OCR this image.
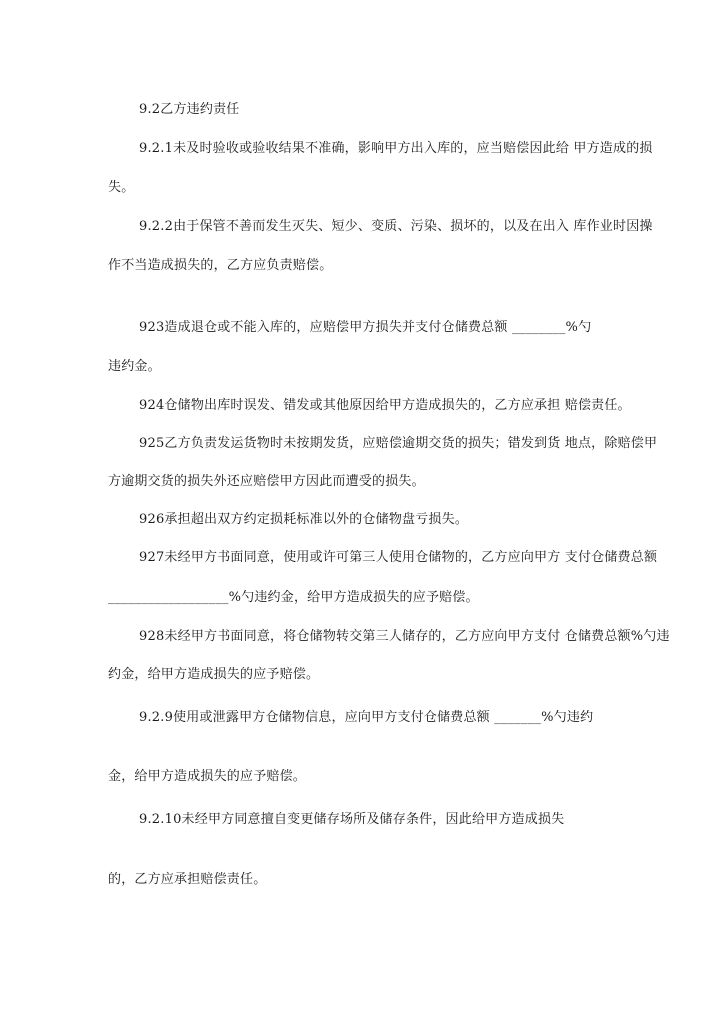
9.2乙方违约责任
9.2.1未及时验收或验收结果不准确，影响甲方出入库的，应当赔偿因此给 甲方造成的损
失。
9.2.2由于保管不善而发生灭失、短少、变质、污染、损坏的，以及在出入 库作业时因操
作不当造成损失的，乙方应负责赔偿。
923造成退仓或不能入库的，应赔偿甲方损失并支付仓储费总额 ________%勺
违约金。
924仓储物出库时误发、错发或其他原因给甲方造成损失的，乙方应承担 赔偿责任。
925乙方负责发运货物时未按期发货，应赔偿逾期交货的损失；错发到货 地点，除赔偿甲
方逾期交货的损失外还应赔偿甲方因此而遭受的损失。
926承担超出双方约定损耗标准以外的仓储物盘亏损失。
927未经甲方书面同意，使用或许可第三人使用仓储物的，乙方应向甲方 支付仓储费总额
__________________%勺违约金，给甲方造成损失的应予赔偿。
928未经甲方书面同意，将仓储物转交第三人储存的，乙方应向甲方支付 仓储费总额%勺违
约金，给甲方造成损失的应予赔偿。
9.2.9使用或泄露甲方仓储物信息，应向甲方支付仓储费总额 _______%勺违约
金，给甲方造成损失的应予赔偿。
9.2.10未经甲方同意擅自变更储存场所及储存条件，因此给甲方造成损失
的，乙方应承担赔偿责任。
